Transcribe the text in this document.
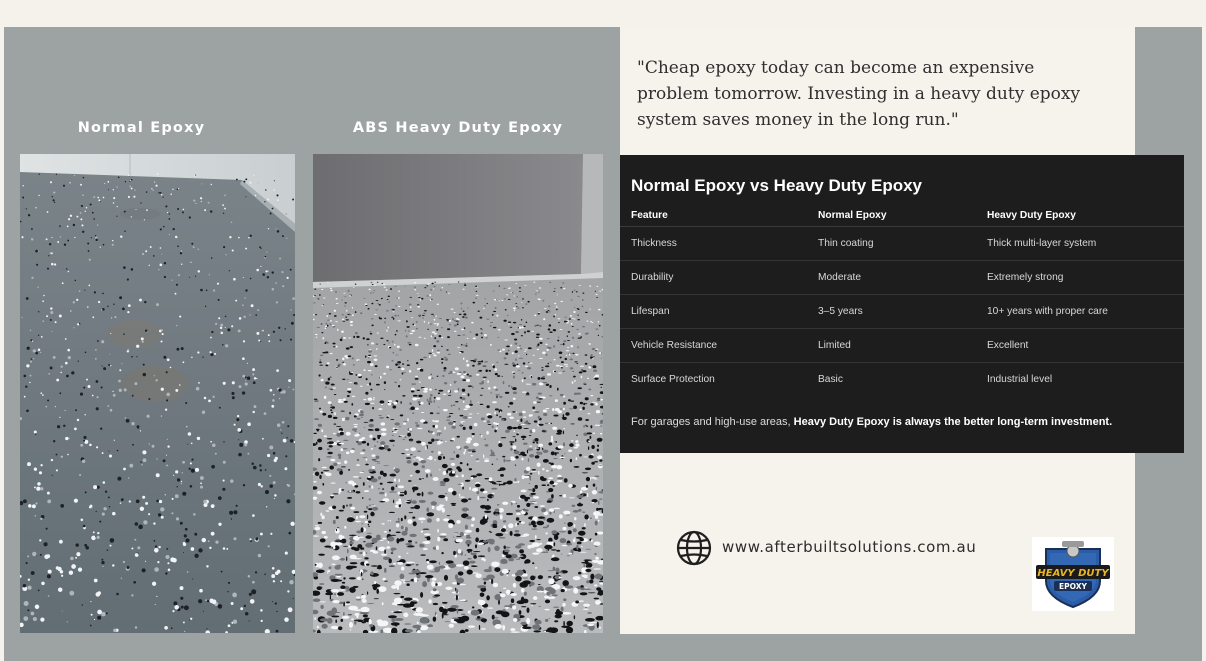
Normal Epoxy	ABS Heavy Duty Epoxy
"Cheap epoxy today can become an expensive problem tomorrow. Investing in a heavy duty epoxy system saves money in the long run."
Normal Epoxy vs Heavy Duty Epoxy
Feature	Normal Epoxy	Heavy Duty Epoxy
Thickness	Thin coating	Thick multi-layer system
Durability	Moderate	Extremely strong
Lifespan	3–5 years	10+ years with proper care
Vehicle Resistance	Limited	Excellent
Surface Protection	Basic	Industrial level
For garages and high-use areas, Heavy Duty Epoxy is always the better long-term investment.
www.afterbuiltsolutions.com.au
HEAVY DUTY
EPOXY
